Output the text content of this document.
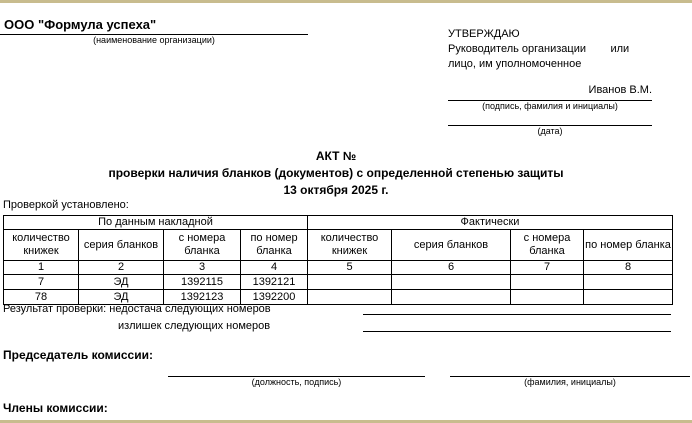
ООО "Формула успеха"
(наименование организации)	УТВЕРЖДАЮ
Руководитель организации        или
лицо, им уполномоченное
Иванов В.М.
(подпись, фамилия и инициалы)
(дата)
АКТ №
проверки наличия бланков (документов) с определенной степенью защиты
13 октября 2025 г.
Проверкой установлено:
По данным накладной				Фактически			
количество книжек	серия бланков	с номера бланка	по номер бланка	количество книжек	серия бланков	с номера бланка	по номер бланка
1	2	3	4	5	6	7	8
7	ЭД	1392115	1392121				
78	ЭД	1392123	1392200				
Результат проверки: недостача следующих номеров
излишек следующих номеров
Председатель комиссии:
(должность, подпись)	(фамилия, инициалы)
Члены комиссии:
